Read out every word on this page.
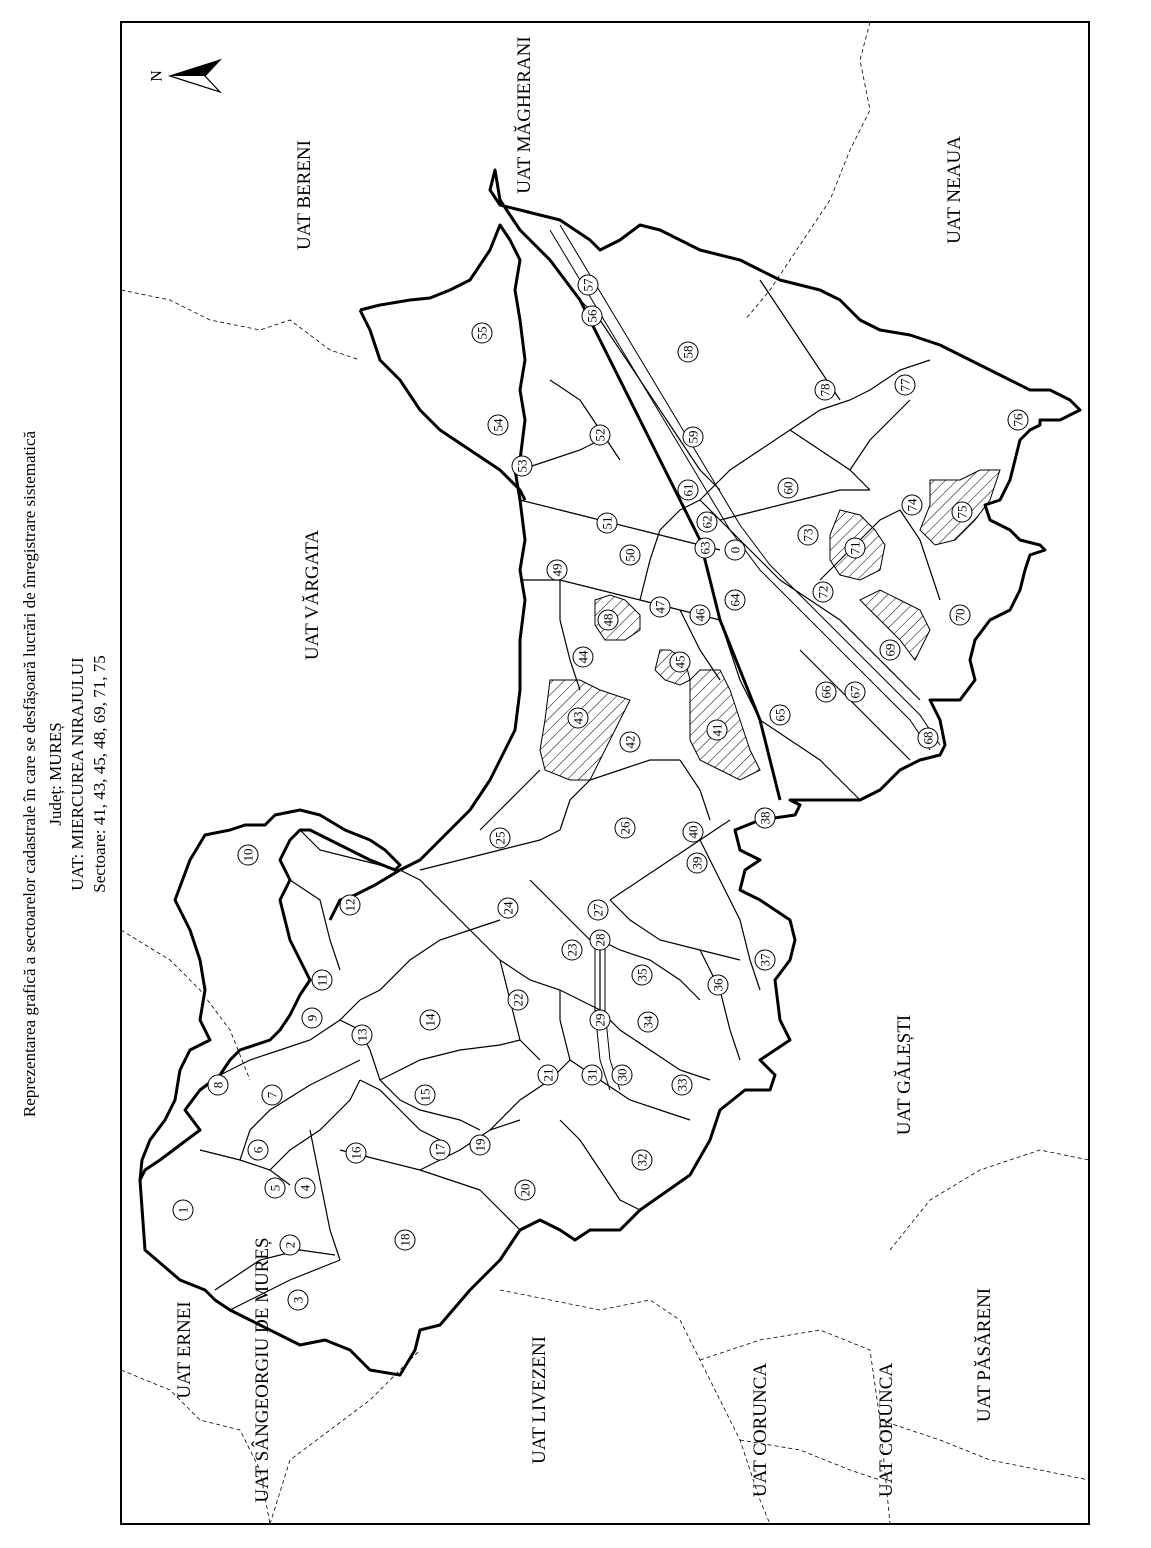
Reprezentarea grafică a sectoarelor cadastrale în care se desfășoară lucrări de înregistrare sistematică Județ: MUREȘ UAT: MIERCUREA NIRAJULUI Sectoare: 41, 43, 45, 48, 69, 71, 75
N
UAT BERENI
UAT MĂGHERANI	UAT NEAUA
UAT VĂRGATA
UAT ERNEI	UAT SÂNGEORGIU DE MUREȘ	UAT LIVEZENI	UAT CORUNCA	UAT CORUNCA
UAT GĂLEȘTI
UAT PĂSĂRENI
0
1
2
3
4
5
6
7
8
9
10
11
12
13
14
15
16	17
18
19
20
21
22
23
24
25
26
27
28
29
30
31
32
33
34
35
36
37
38
39
40
41
42
43
44	45
46
47
48
49
50
51
52
53
54
55
56
57
58
59
60
61
62
63
64
65
66 67
68
69
70
71
72
73
74
75
76
77
78
